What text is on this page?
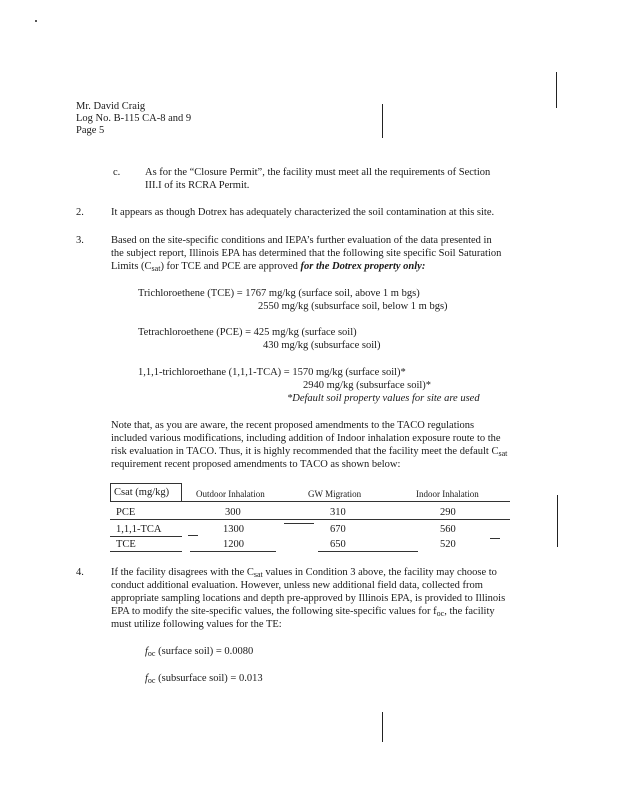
Mr. David Craig
Log No. B-115 CA-8 and 9
Page 5
c. As for the “Closure Permit”, the facility must meet all the requirements of Section
III.I of its RCRA Permit.
2.	It appears as though Dotrex has adequately characterized the soil contamination at this site.
3.	Based on the site-specific conditions and IEPA’s further evaluation of the data presented in
the subject report, Illinois EPA has determined that the following site specific Soil Saturation
Limits $(C_{sat})$ for TCE and PCE are approved for the Dotrex property only:
Trichloroethene (TCE) = 1767 mg/kg (surface soil, above 1 m bgs)
2550 mg/kg (subsurface soil, below 1 m bgs)
Tetrachloroethene (PCE) = 425 mg/kg (surface soil)
430 mg/kg (subsurface soil)
1,1,1-trichloroethane (1,1,1-TCA) = 1570 mg/kg (surface soil)*
2940 mg/kg (subsurface soil)*
*Default soil property values for site are used
Note that, as you are aware, the recent proposed amendments to the TACO regulations
included various modifications, including addition of Indoor inhalation exposure route to the
risk evaluation in TACO. Thus, it is highly recommended that the facility meet the default $C_{sat}$
requirement recent proposed amendments to TACO as shown below:
Csat (mg/kg)	Outdoor Inhalation	GW Migration	Indoor Inhalation
PCE	300	310	290
1,1,1-TCA	1300	670	560
TCE	1200	650	520
4.	If the facility disagrees with the $C_{sat}$ values in Condition 3 above, the facility may choose to
conduct additional evaluation. However, unless new additional field data, collected from
appropriate sampling locations and depth pre-approved by Illinois EPA, is provided to Illinois
EPA to modify the site-specific values, the following site-specific values for $f_{oc}$, the facility
must utilize following values for the TE:
$f_{oc}$ (surface soil) = 0.0080
$f_{oc}$ (subsurface soil) = 0.013
